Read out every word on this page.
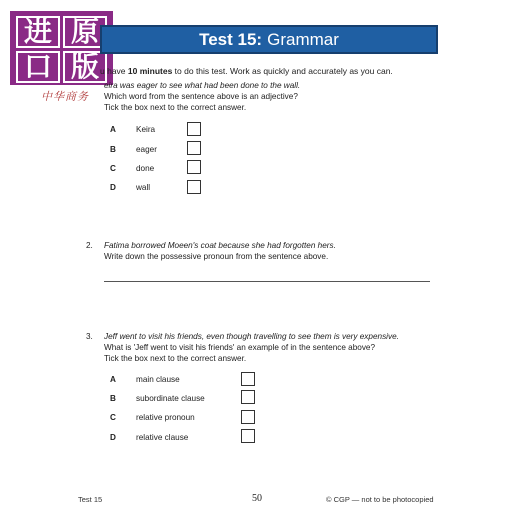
进 原
口 版
中华商务
Test 15: Grammar
u have 10 minutes to do this test. Work as quickly and accurately as you can.
eira was eager to see what had been done to the wall.
Which word from the sentence above is an adjective?
Tick the box next to the correct answer.
A	Keira
B	eager
C	done
D	wall
2. Fatima borrowed Moeen's coat because she had forgotten hers.
Write down the possessive pronoun from the sentence above.
3. Jeff went to visit his friends, even though travelling to see them is very expensive.
What is 'Jeff went to visit his friends' an example of in the sentence above?
Tick the box next to the correct answer.
A	main clause
B	subordinate clause
C	relative pronoun
D	relative clause
Test 15	50	© CGP — not to be photocopied
